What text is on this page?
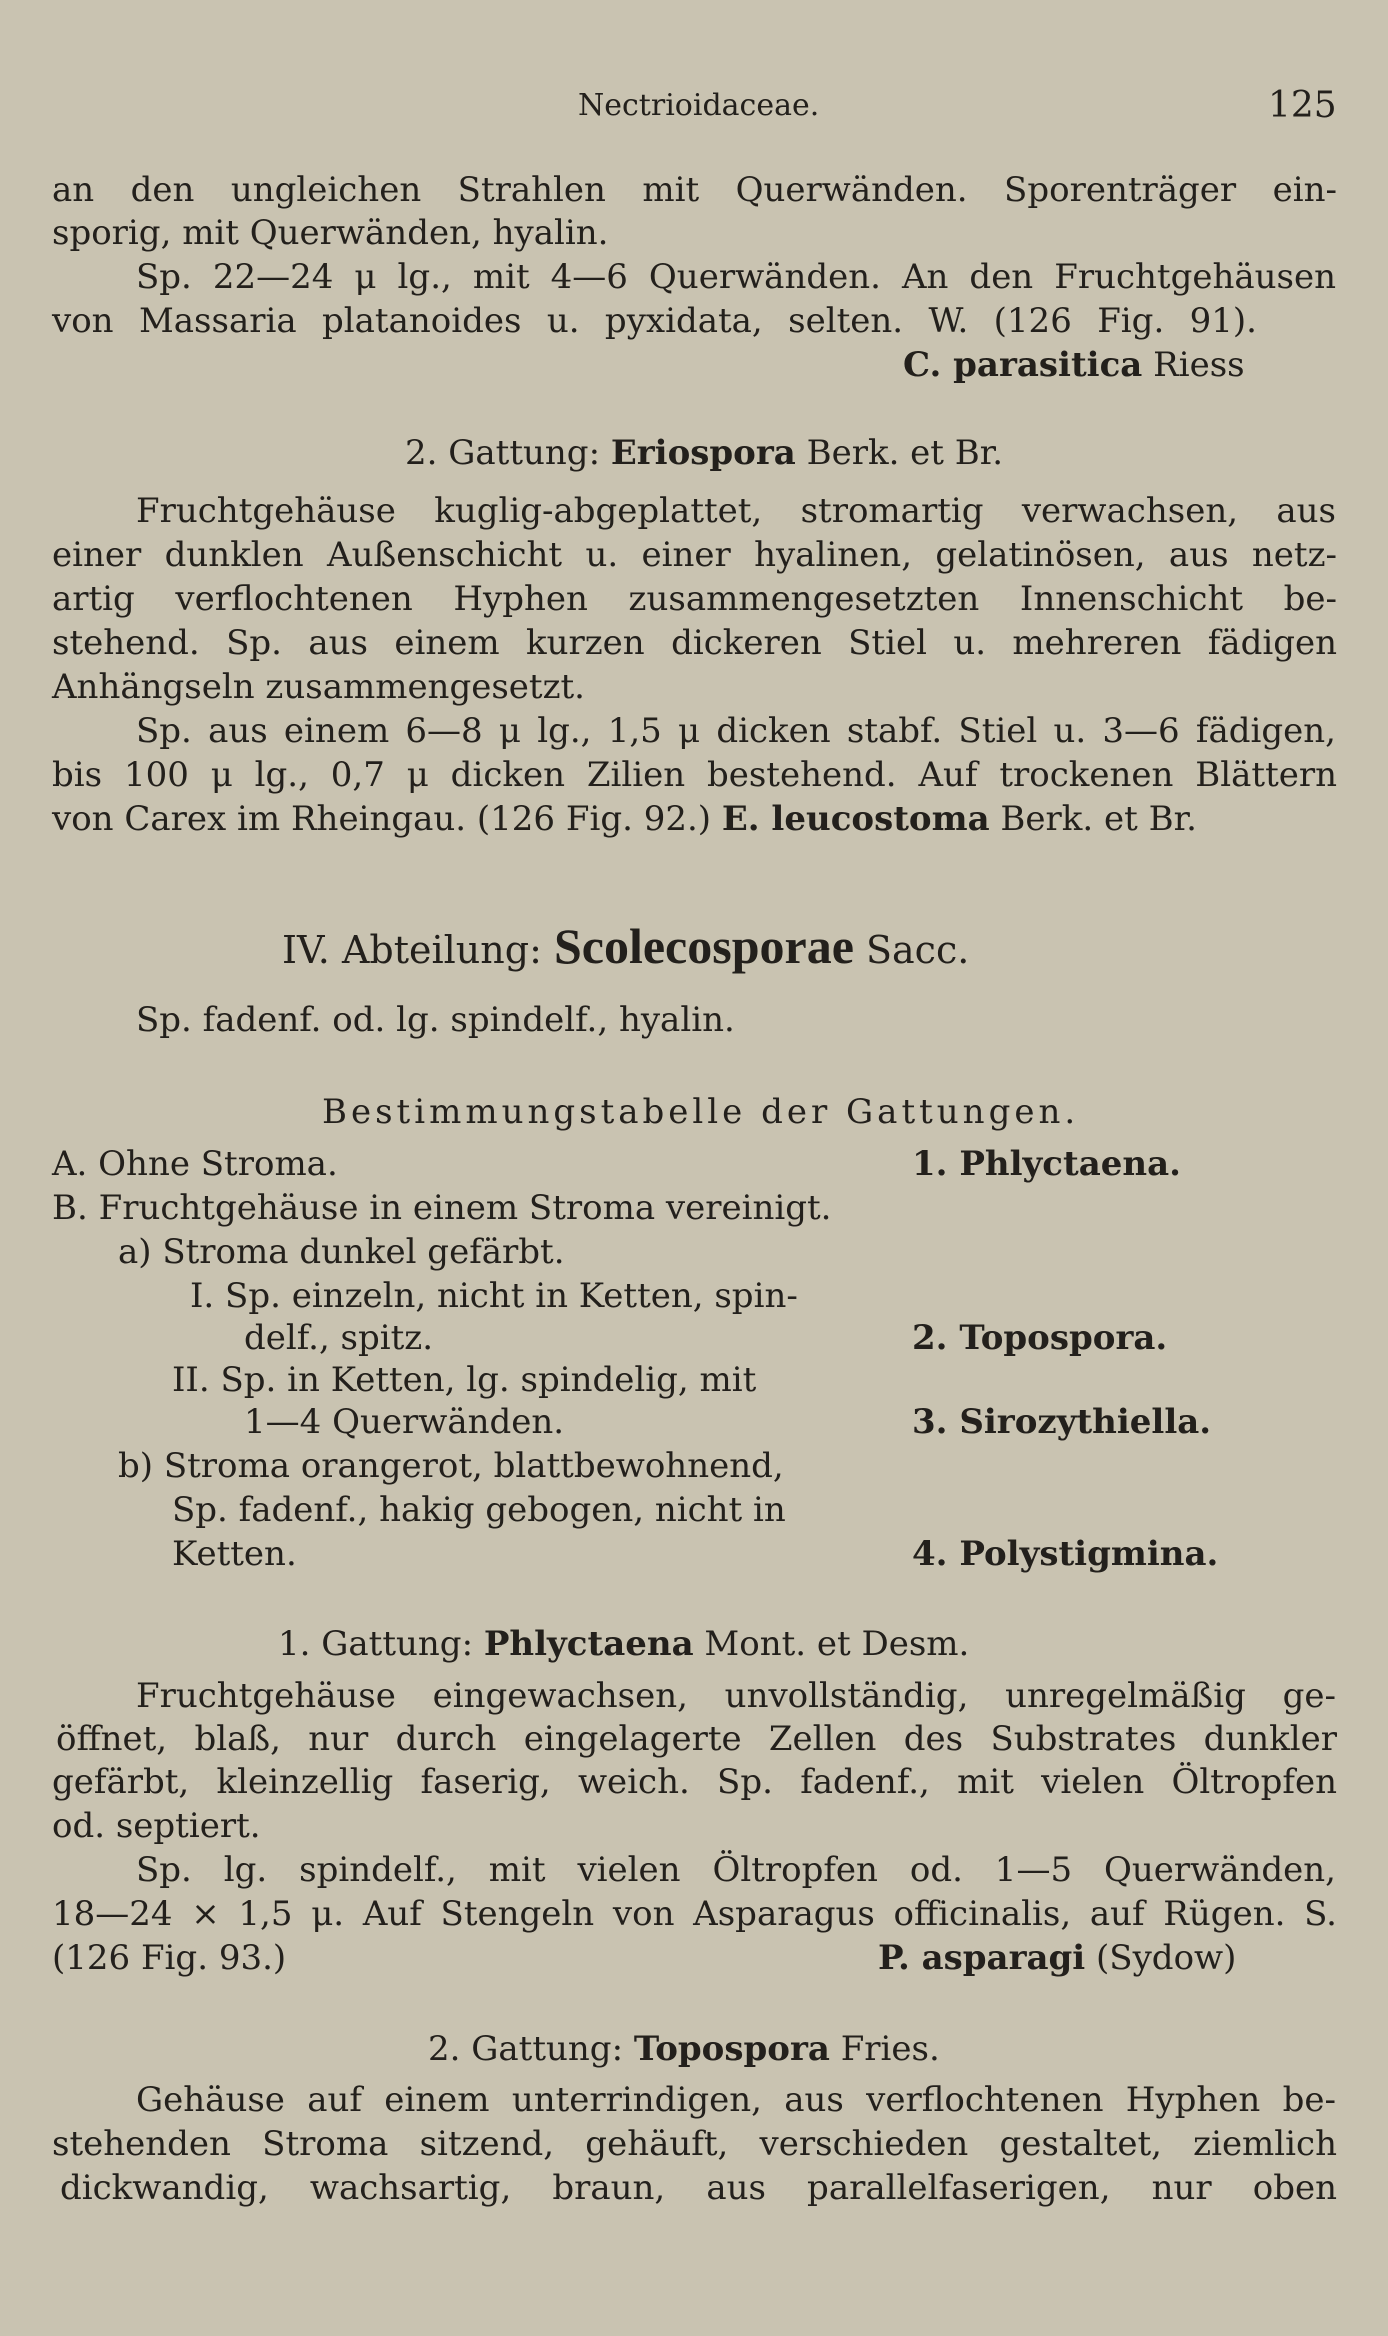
Nectrioidaceae.	125
an den ungleichen Strahlen mit Querwänden. Sporenträger ein-
sporig, mit Querwänden, hyalin.
Sp. 22—24 μ lg., mit 4—6 Querwänden. An den Fruchtgehäusen
von Massaria platanoides u. pyxidata, selten. W. (126 Fig. 91).
C. parasitica Riess
2. Gattung: Eriospora Berk. et Br.
Fruchtgehäuse kuglig-abgeplattet, stromartig verwachsen, aus
einer dunklen Außenschicht u. einer hyalinen, gelatinösen, aus netz-
artig verflochtenen Hyphen zusammengesetzten Innenschicht be-
stehend. Sp. aus einem kurzen dickeren Stiel u. mehreren fädigen
Anhängseln zusammengesetzt.
Sp. aus einem 6—8 μ lg., 1,5 μ dicken stabf. Stiel u. 3—6 fädigen,
bis 100 μ lg., 0,7 μ dicken Zilien bestehend. Auf trockenen Blättern
von Carex im Rheingau. (126 Fig. 92.) E. leucostoma Berk. et Br.
IV. Abteilung: Scolecosporae Sacc.
Sp. fadenf. od. lg. spindelf., hyalin.
Bestimmungstabelle der Gattungen.
A. Ohne Stroma.	1. Phlyctaena.
B. Fruchtgehäuse in einem Stroma vereinigt.
a) Stroma dunkel gefärbt.
I. Sp. einzeln, nicht in Ketten, spin-
delf., spitz.	2. Topospora.
II. Sp. in Ketten, lg. spindelig, mit
1—4 Querwänden.	3. Sirozythiella.
b) Stroma orangerot, blattbewohnend,
Sp. fadenf., hakig gebogen, nicht in
Ketten.	4. Polystigmina.
1. Gattung: Phlyctaena Mont. et Desm.
Fruchtgehäuse eingewachsen, unvollständig, unregelmäßig ge-
öffnet, blaß, nur durch eingelagerte Zellen des Substrates dunkler
gefärbt, kleinzellig faserig, weich. Sp. fadenf., mit vielen Öltropfen
od. septiert.
Sp. lg. spindelf., mit vielen Öltropfen od. 1—5 Querwänden,
18—24 × 1,5 μ. Auf Stengeln von Asparagus officinalis, auf Rügen. S.
(126 Fig. 93.)	P. asparagi (Sydow)
2. Gattung: Topospora Fries.
Gehäuse auf einem unterrindigen, aus verflochtenen Hyphen be-
stehenden Stroma sitzend, gehäuft, verschieden gestaltet, ziemlich
dickwandig, wachsartig, braun, aus parallelfaserigen, nur oben
